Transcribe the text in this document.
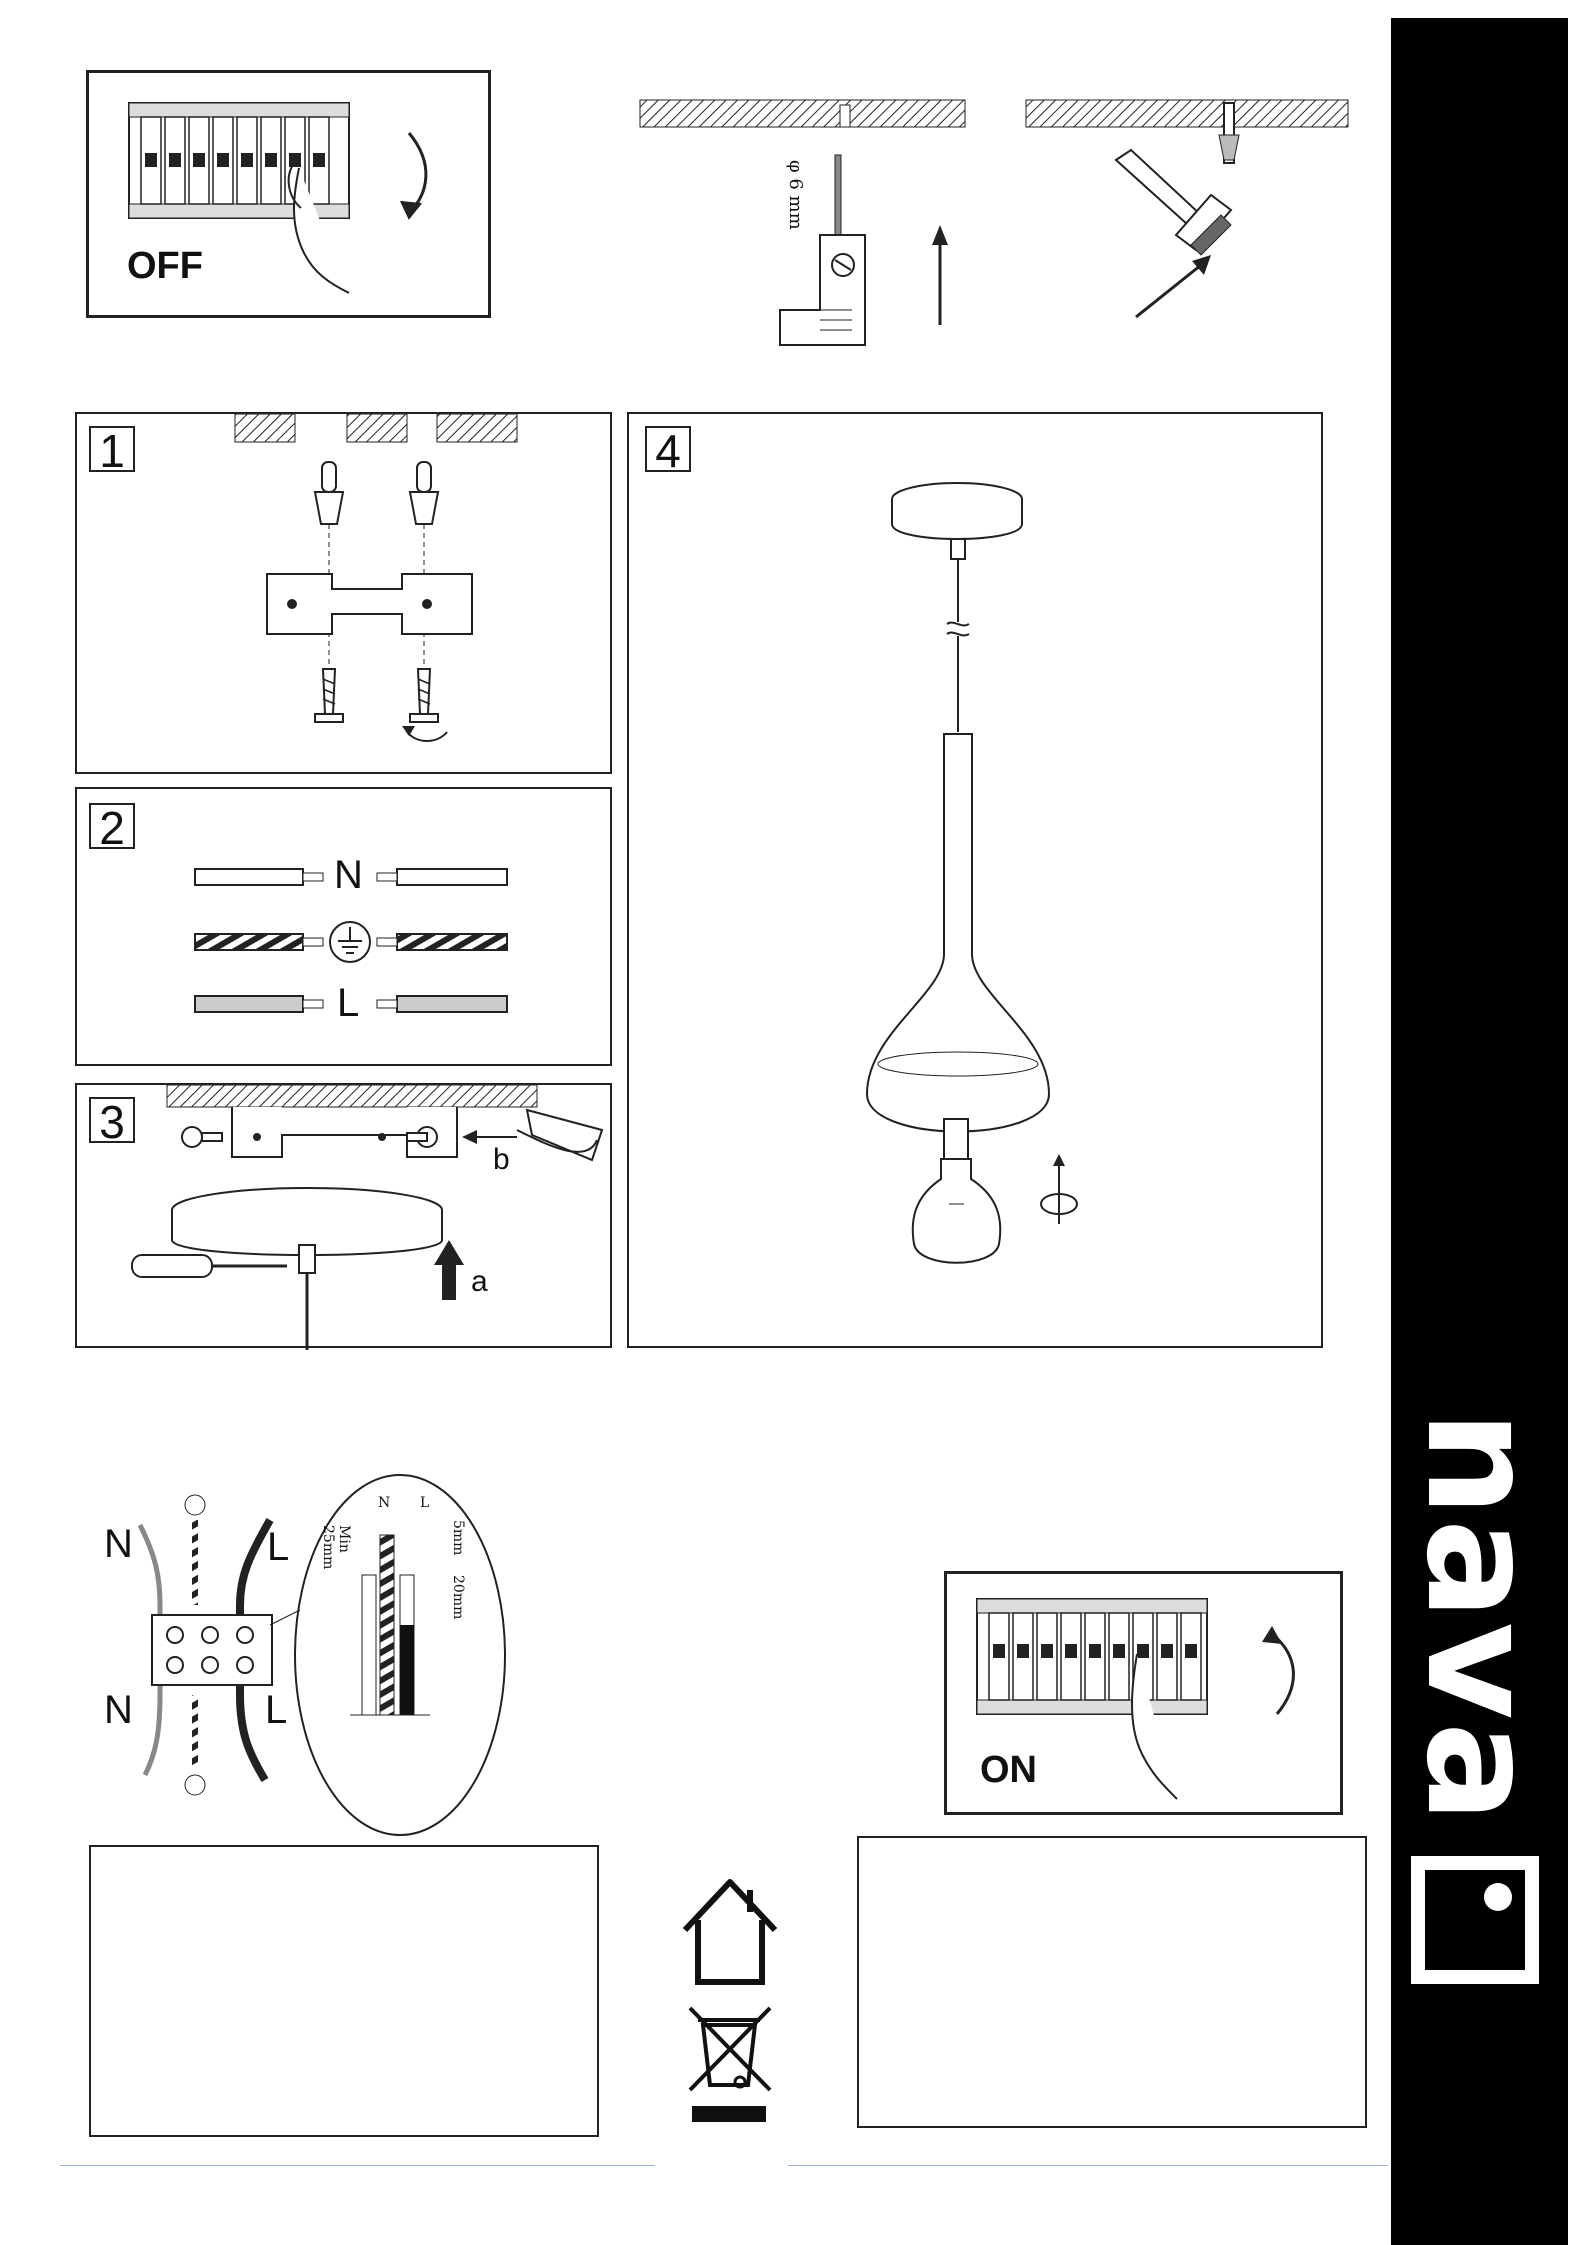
OFF
φ 6 mm
1
2
N
L
3
b
a
4
N	L
N	L
N L
Min
25mm	5mm
20mm
ON nava
